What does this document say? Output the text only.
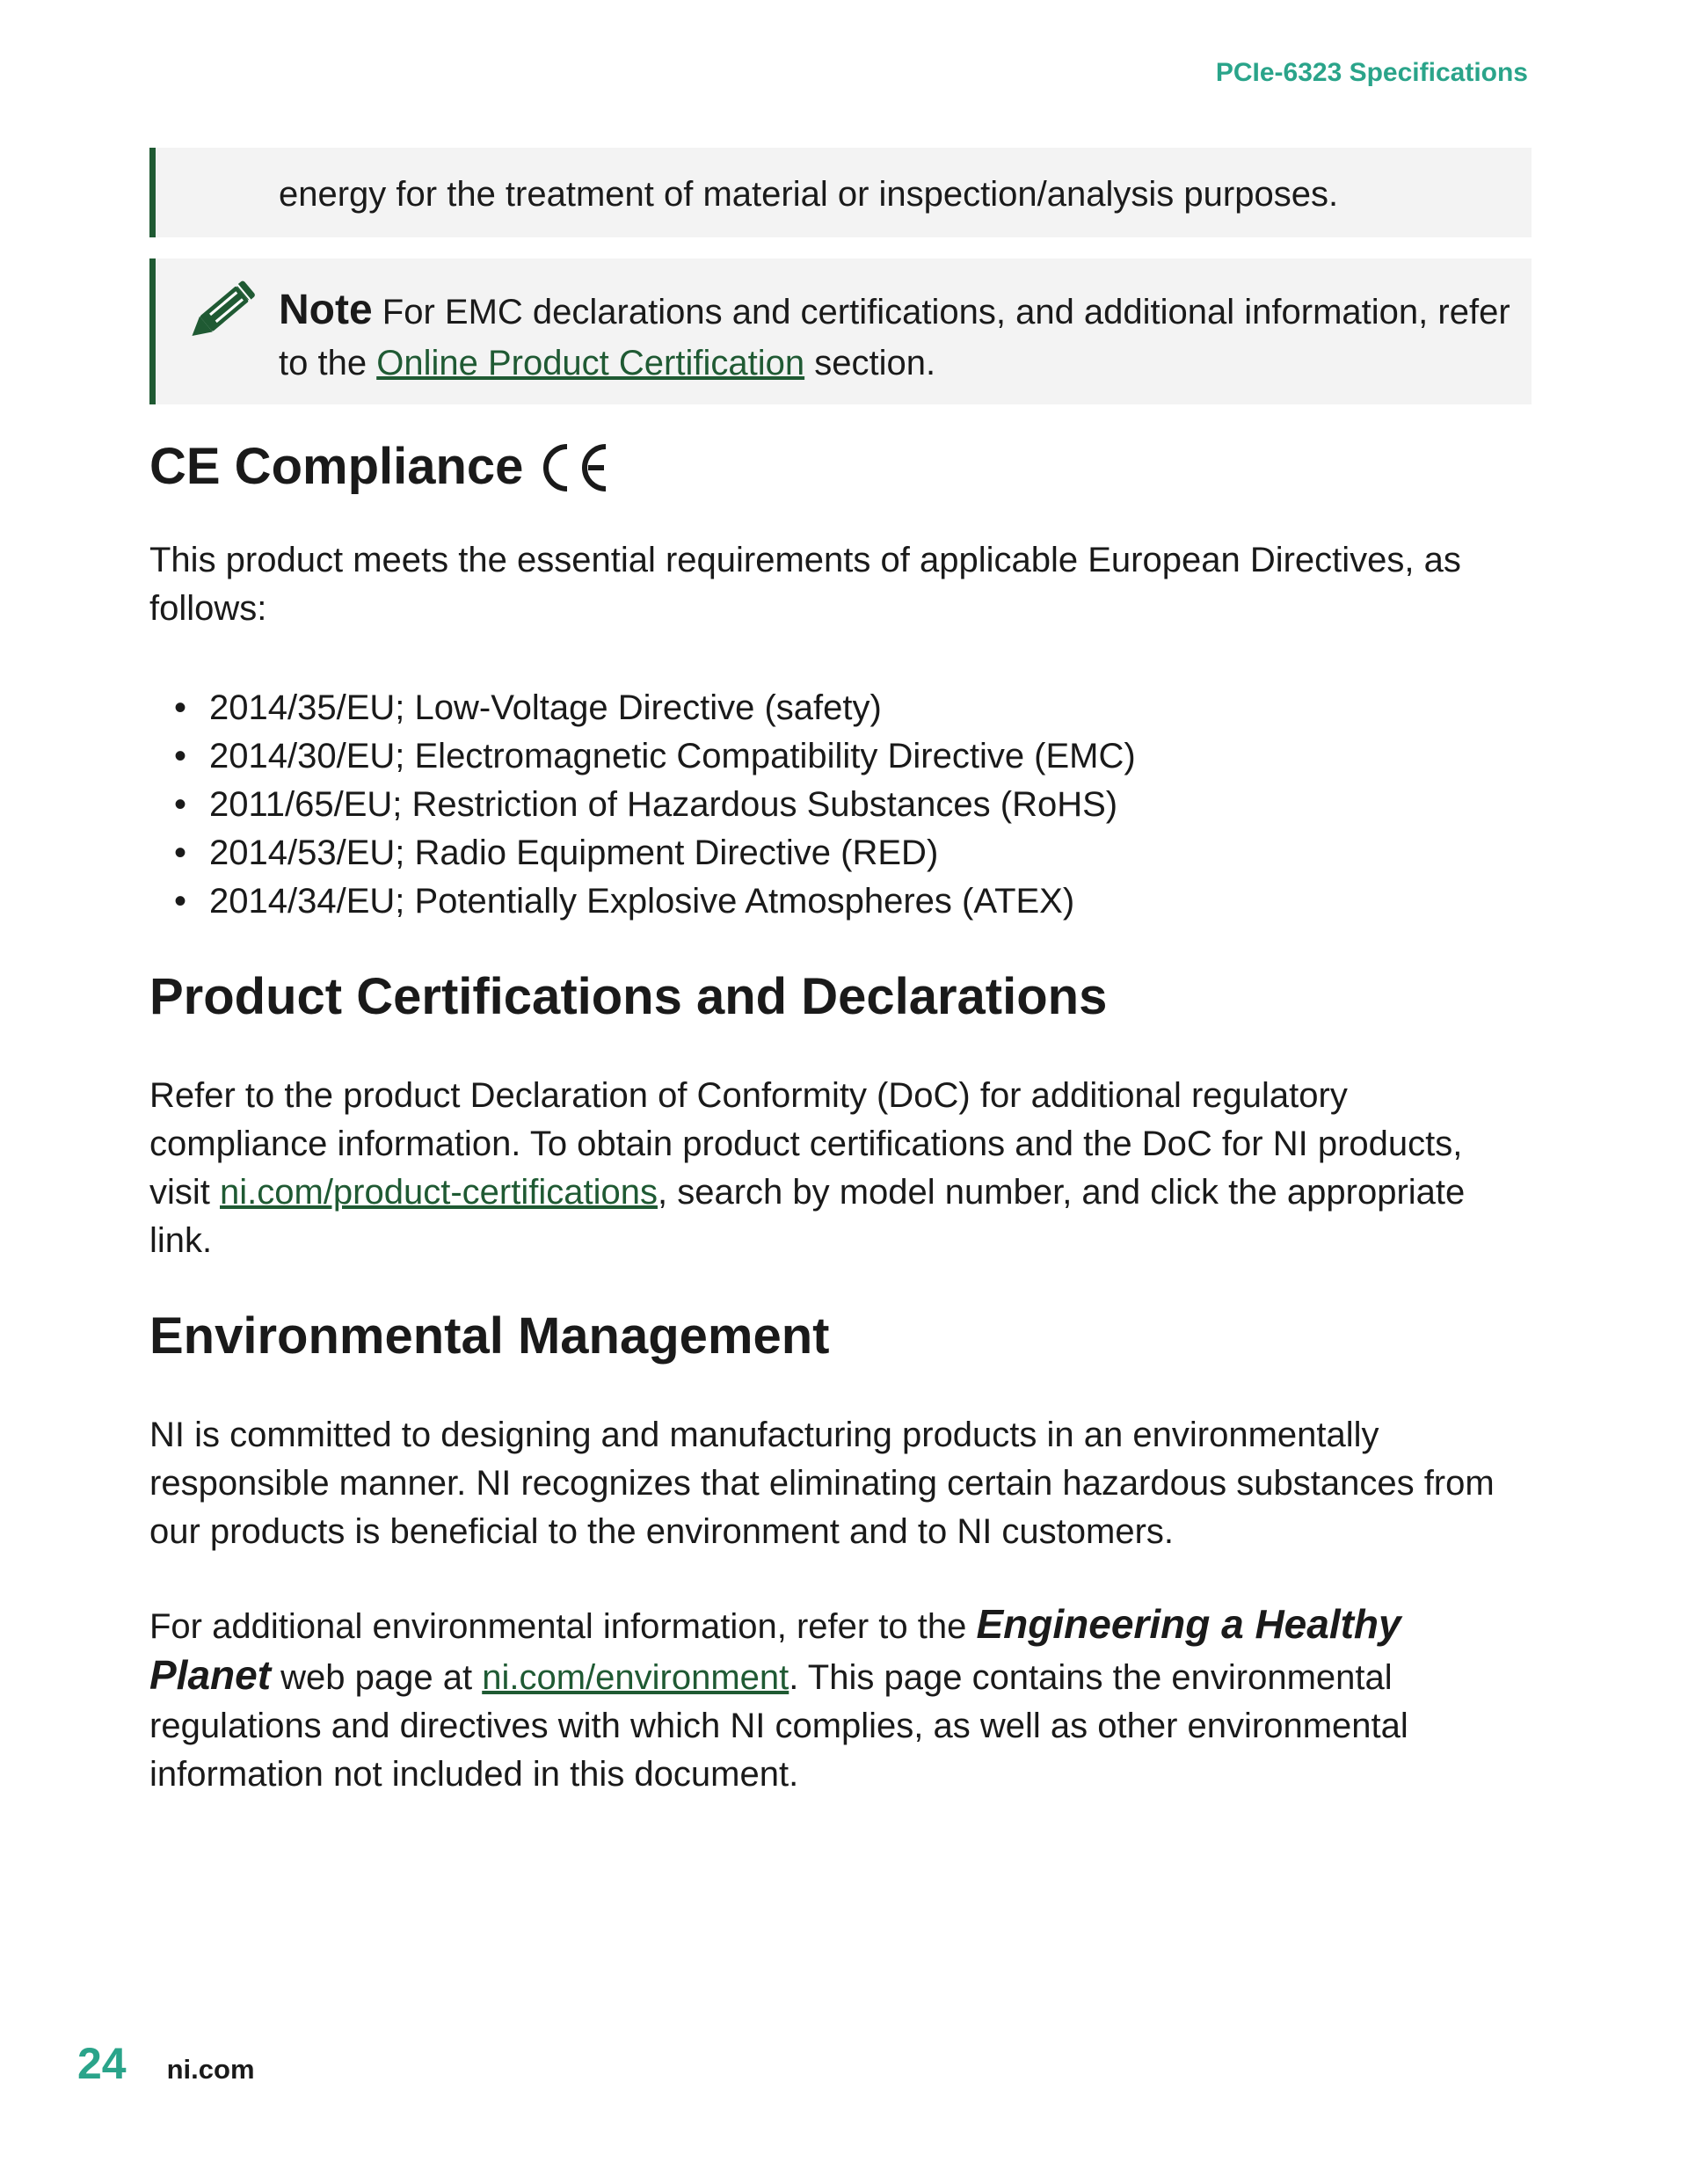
PCIe-6323 Specifications
energy for the treatment of material or inspection/analysis purposes.
Note For EMC declarations and certifications, and additional information, refer to the Online Product Certification section.
CE Compliance

This product meets the essential requirements of applicable European Directives, as follows:

• 2014/35/EU; Low-Voltage Directive (safety)
• 2014/30/EU; Electromagnetic Compatibility Directive (EMC)
• 2011/65/EU; Restriction of Hazardous Substances (RoHS)
• 2014/53/EU; Radio Equipment Directive (RED)
• 2014/34/EU; Potentially Explosive Atmospheres (ATEX)
Product Certifications and Declarations

Refer to the product Declaration of Conformity (DoC) for additional regulatory compliance information. To obtain product certifications and the DoC for NI products, visit ni.com/product-certifications, search by model number, and click the appropriate link.

Environmental Management

NI is committed to designing and manufacturing products in an environmentally responsible manner. NI recognizes that eliminating certain hazardous substances from our products is beneficial to the environment and to NI customers.

For additional environmental information, refer to the Engineering a Healthy Planet web page at ni.com/environment. This page contains the environmental regulations and directives with which NI complies, as well as other environmental information not included in this document.

24 ni.com
